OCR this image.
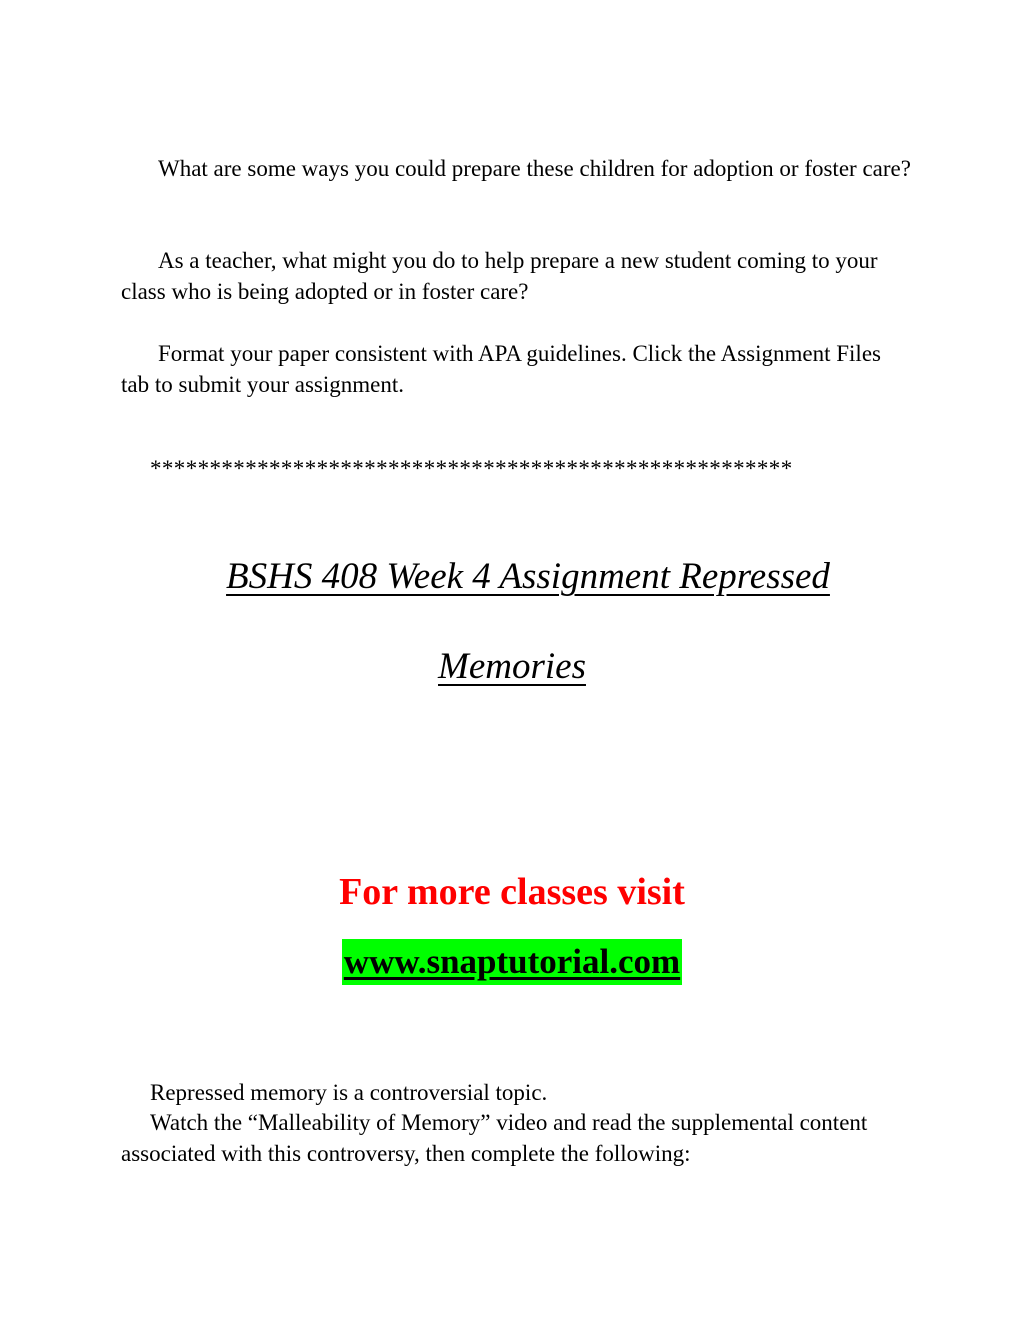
What are some ways you could prepare these children for adoption or foster care?

As a teacher, what might you do to help prepare a new student coming to your class who is being adopted or in foster care?

Format your paper consistent with APA guidelines. Click the Assignment Files tab to submit your assignment.

******************************************************

BSHS 408 Week 4 Assignment Repressed

Memories

For more classes visit

www.snaptutorial.com

Repressed memory is a controversial topic.

Watch the “Malleability of Memory” video and read the supplemental content associated with this controversy, then complete the following:
